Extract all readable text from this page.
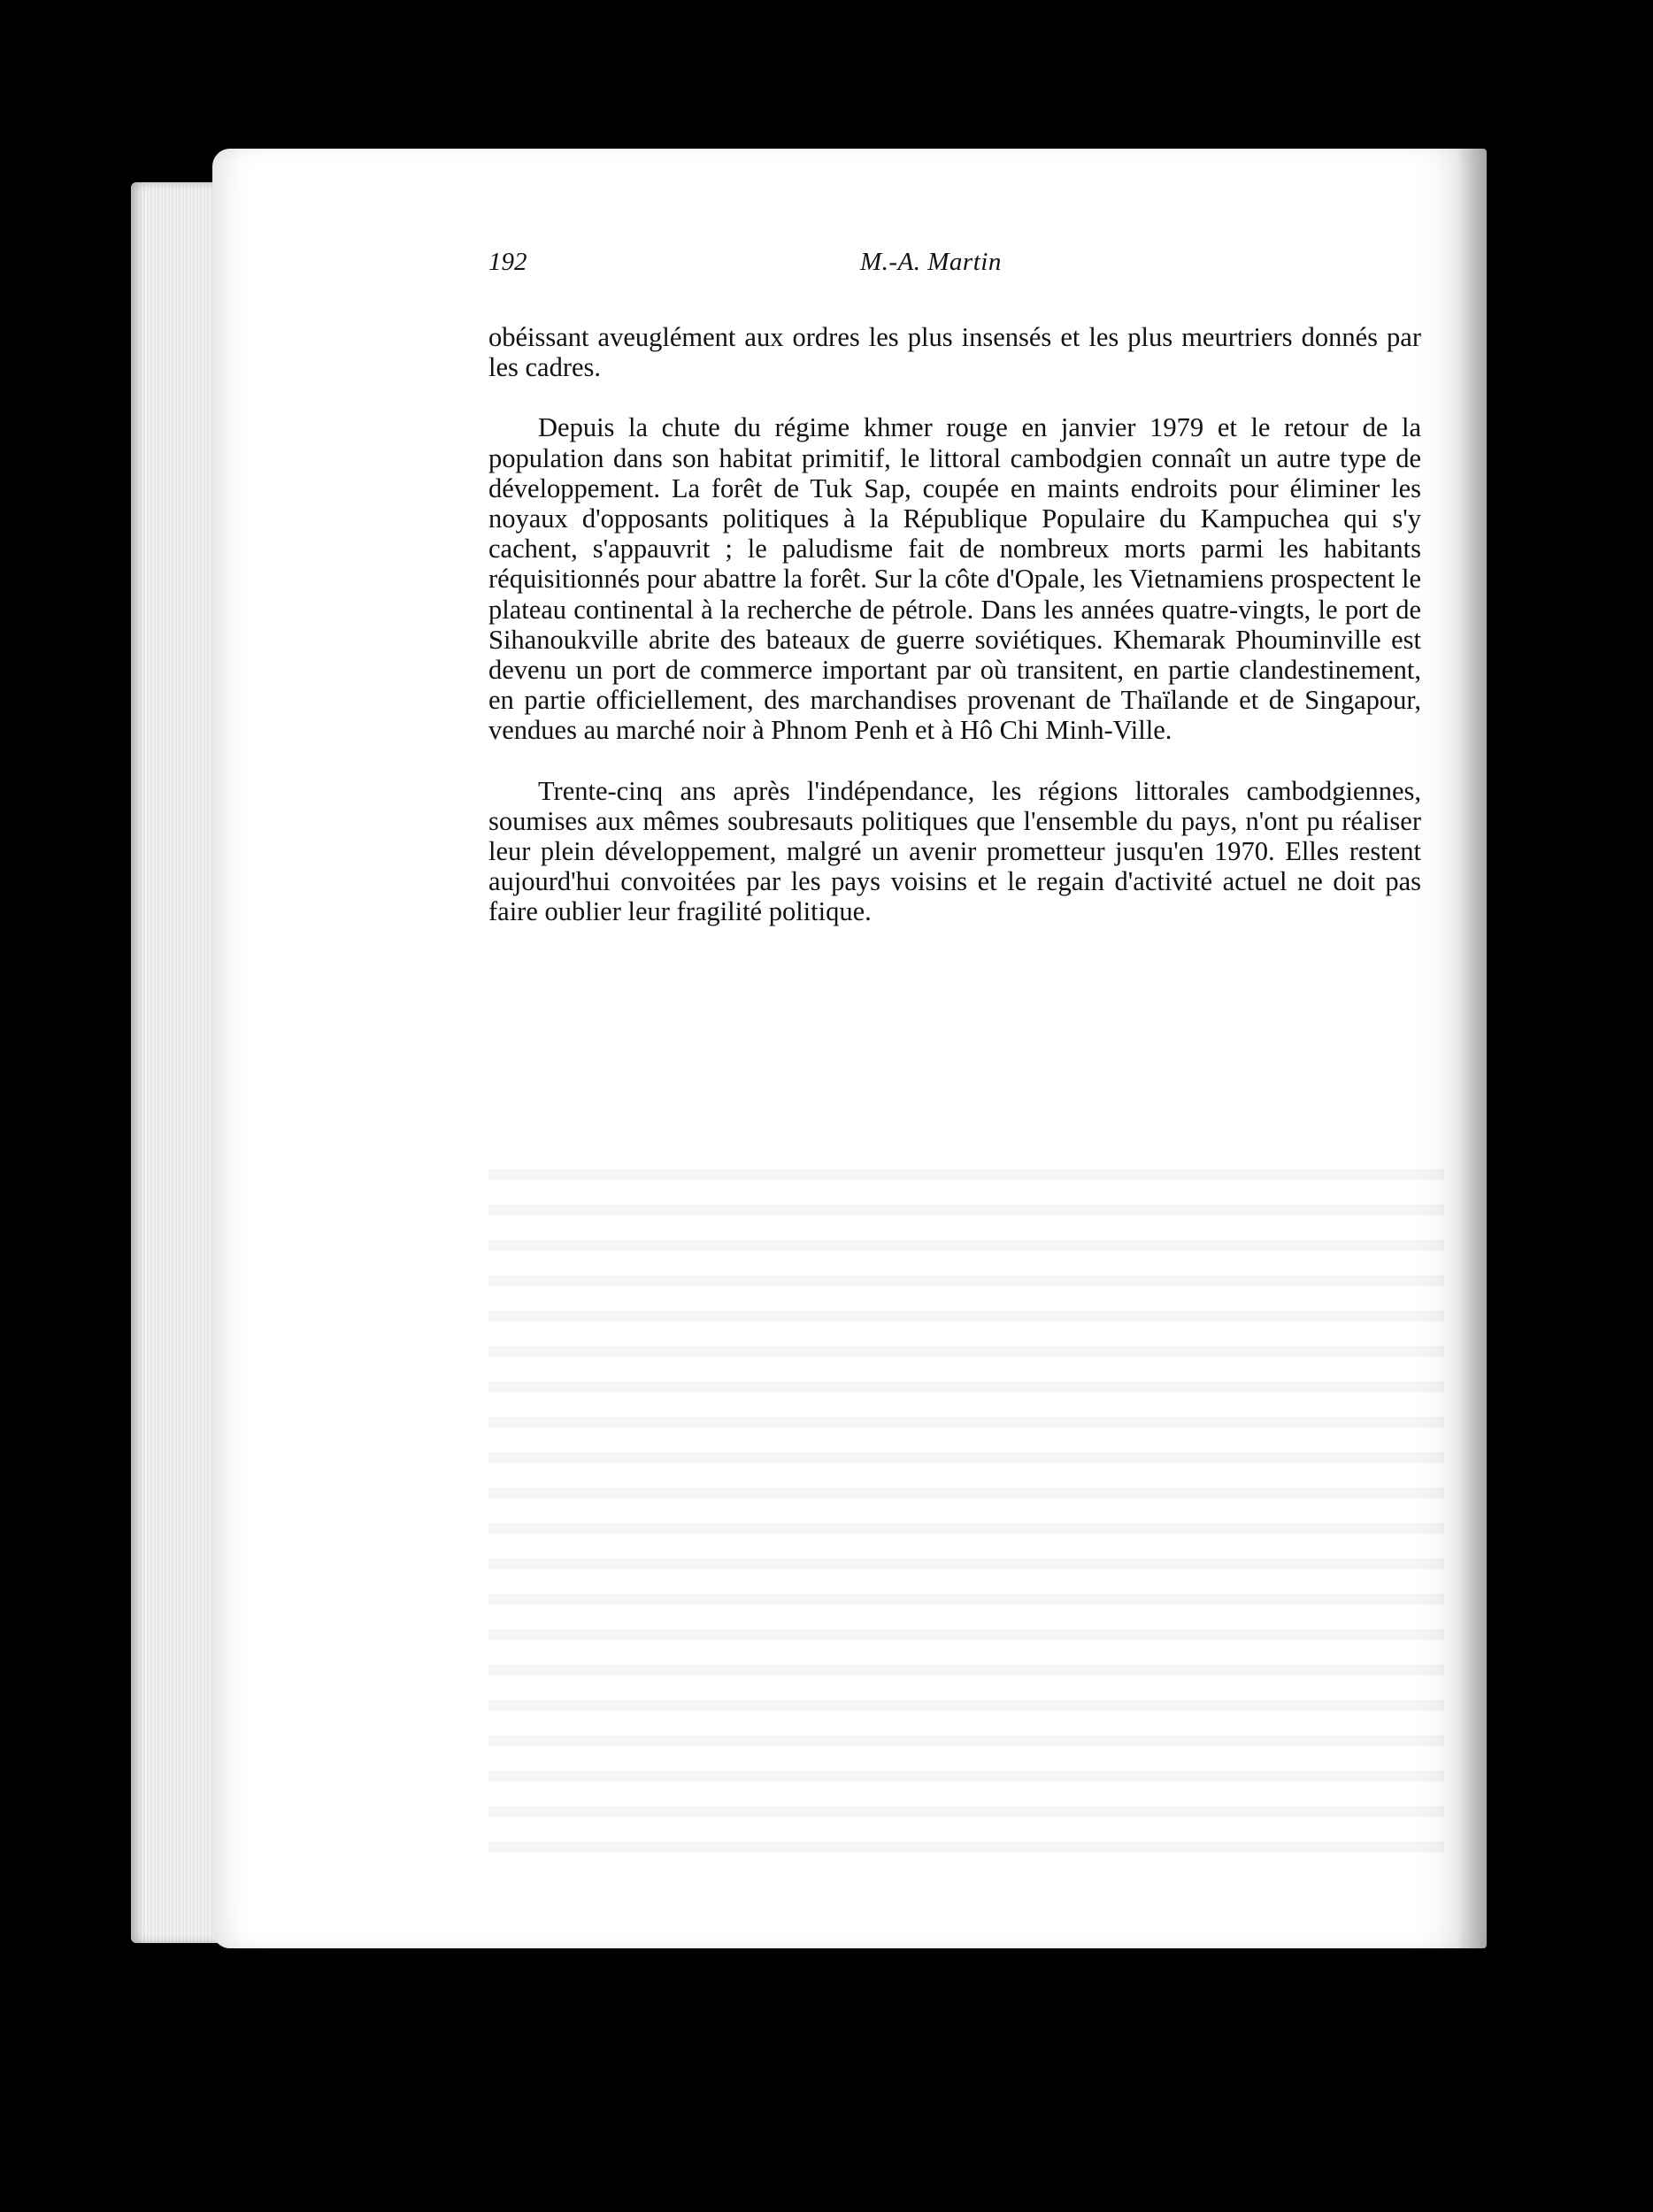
192	M.-A. Martin

obéissant aveuglément aux ordres les plus insensés et les plus meurtriers donnés par les cadres.

Depuis la chute du régime khmer rouge en janvier 1979 et le retour de la population dans son habitat primitif, le littoral cambodgien connaît un autre type de développement. La forêt de Tuk Sap, coupée en maints endroits pour éliminer les noyaux d'opposants politiques à la République Populaire du Kampuchea qui s'y cachent, s'appauvrit ; le paludisme fait de nombreux morts parmi les habitants réquisitionnés pour abattre la forêt. Sur la côte d'Opale, les Vietnamiens prospectent le plateau continental à la recherche de pétrole. Dans les années quatre-vingts, le port de Sihanoukville abrite des bateaux de guerre soviétiques. Khemarak Phouminville est devenu un port de commerce important par où transitent, en partie clandestinement, en partie officiellement, des marchandises provenant de Thaïlande et de Singapour, vendues au marché noir à Phnom Penh et à Hô Chi Minh-Ville.

Trente-cinq ans après l'indépendance, les régions littorales cambodgiennes, soumises aux mêmes soubresauts politiques que l'ensemble du pays, n'ont pu réaliser leur plein développement, malgré un avenir prometteur jusqu'en 1970. Elles restent aujourd'hui convoitées par les pays voisins et le regain d'activité actuel ne doit pas faire oublier leur fragilité politique.
